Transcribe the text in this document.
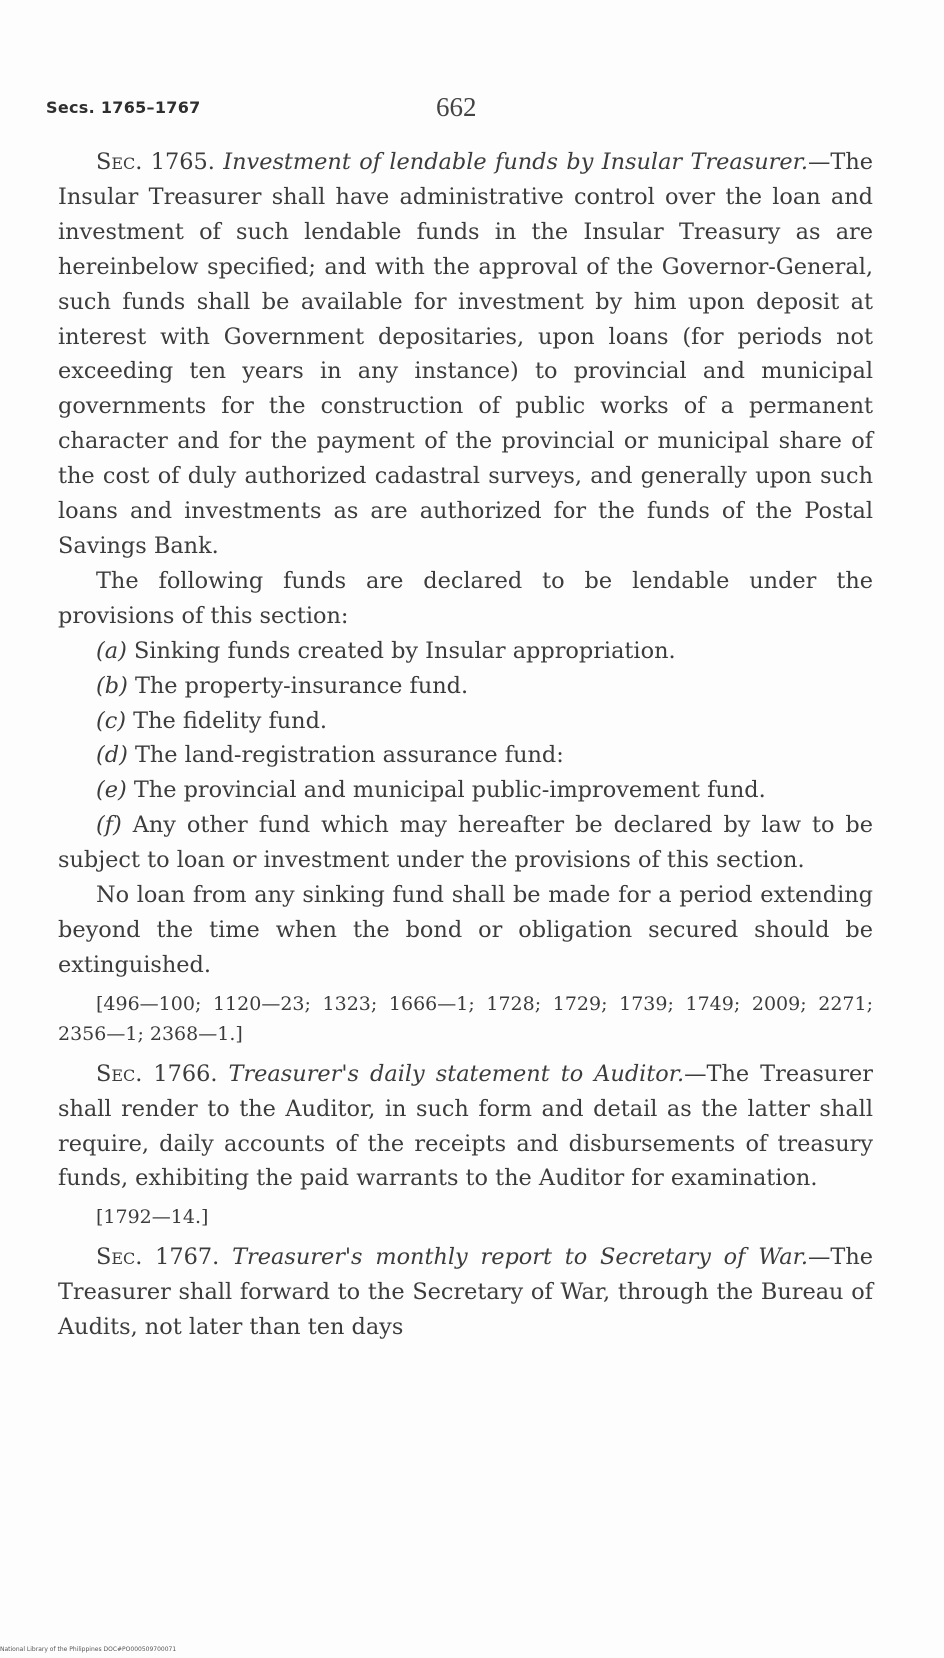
Secs. 1765–1767	662

Sec. 1765. Investment of lendable funds by Insular Treasurer.—The Insular Treasurer shall have administrative control over the loan and investment of such lendable funds in the Insular Treasury as are hereinbelow specified; and with the approval of the Governor-General, such funds shall be available for investment by him upon deposit at interest with Government depositaries, upon loans (for periods not exceeding ten years in any instance) to provincial and municipal governments for the construction of public works of a permanent character and for the payment of the provincial or municipal share of the cost of duly authorized cadastral surveys, and generally upon such loans and investments as are authorized for the funds of the Postal Savings Bank.

The following funds are declared to be lendable under the provisions of this section:

(a) Sinking funds created by Insular appropriation.

(b) The property-insurance fund.

(c) The fidelity fund.

(d) The land-registration assurance fund:

(e) The provincial and municipal public-improvement fund.

(f) Any other fund which may hereafter be declared by law to be subject to loan or investment under the provisions of this section.

No loan from any sinking fund shall be made for a period extending beyond the time when the bond or obligation secured should be extinguished.

[496—100; 1120—23; 1323; 1666—1; 1728; 1729; 1739; 1749; 2009; 2271; 2356—1; 2368—1.]

Sec. 1766. Treasurer's daily statement to Auditor.—The Treasurer shall render to the Auditor, in such form and detail as the latter shall require, daily accounts of the receipts and disbursements of treasury funds, exhibiting the paid warrants to the Auditor for examination.

[1792—14.]

Sec. 1767. Treasurer's monthly report to Secretary of War.—The Treasurer shall forward to the Secretary of War, through the Bureau of Audits, not later than ten days

National Library of the Philippines DOC#PO000509700071
